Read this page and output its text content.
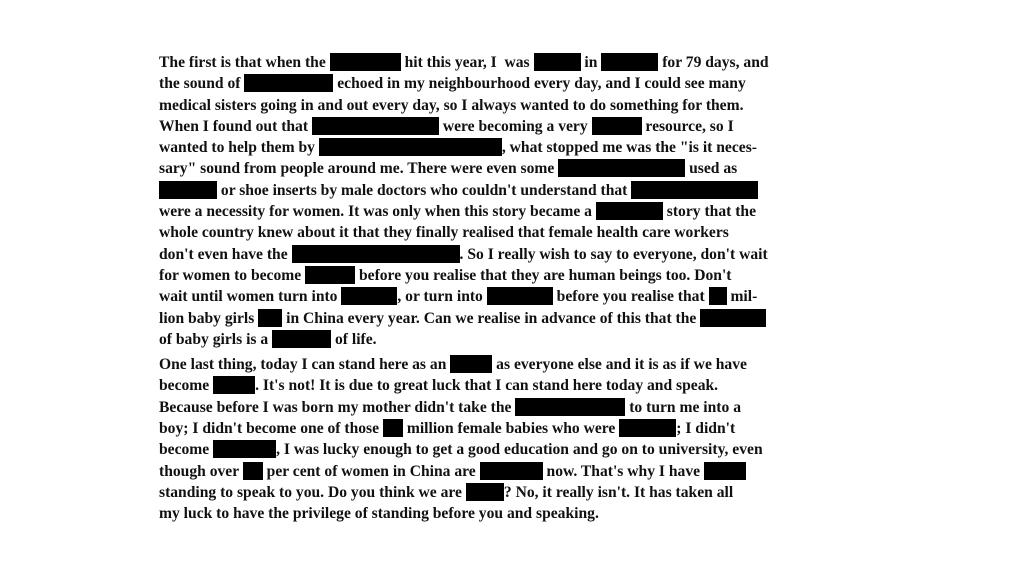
The first is that when the	hit this year, I  was	in	for 79 days, and
the sound of	echoed in my neighbourhood every day, and I could see many
medical sisters going in and out every day, so I always wanted to do something for them.
When I found out that	were becoming a very	resource, so I
wanted to help them by	, what stopped me was the "is it neces-
sary" sound from people around me. There were even some	used as
or shoe inserts by male doctors who couldn't understand that
were a necessity for women. It was only when this story became a	story that the
whole country knew about it that they finally realised that female health care workers
don't even have the	. So I really wish to say to everyone, don't wait
for women to become	before you realise that they are human beings too. Don't
wait until women turn into	, or turn into	before you realise that  mil-
lion baby girls  in China every year. Can we realise in advance of this that the
of baby girls is a	of life.
One last thing, today I can stand here as an	as everyone else and it is as if we have
become	. It's not! It is due to great luck that I can stand here today and speak.
Because before I was born my mother didn't take the	to turn me into a
boy; I didn't become one of those  million female babies who were	; I didn't
become	, I was lucky enough to get a good education and go on to university, even
though over  per cent of women in China are	now. That's why I have
standing to speak to you. Do you think we are ? No, it really isn't. It has taken all
my luck to have the privilege of standing before you and speaking.
